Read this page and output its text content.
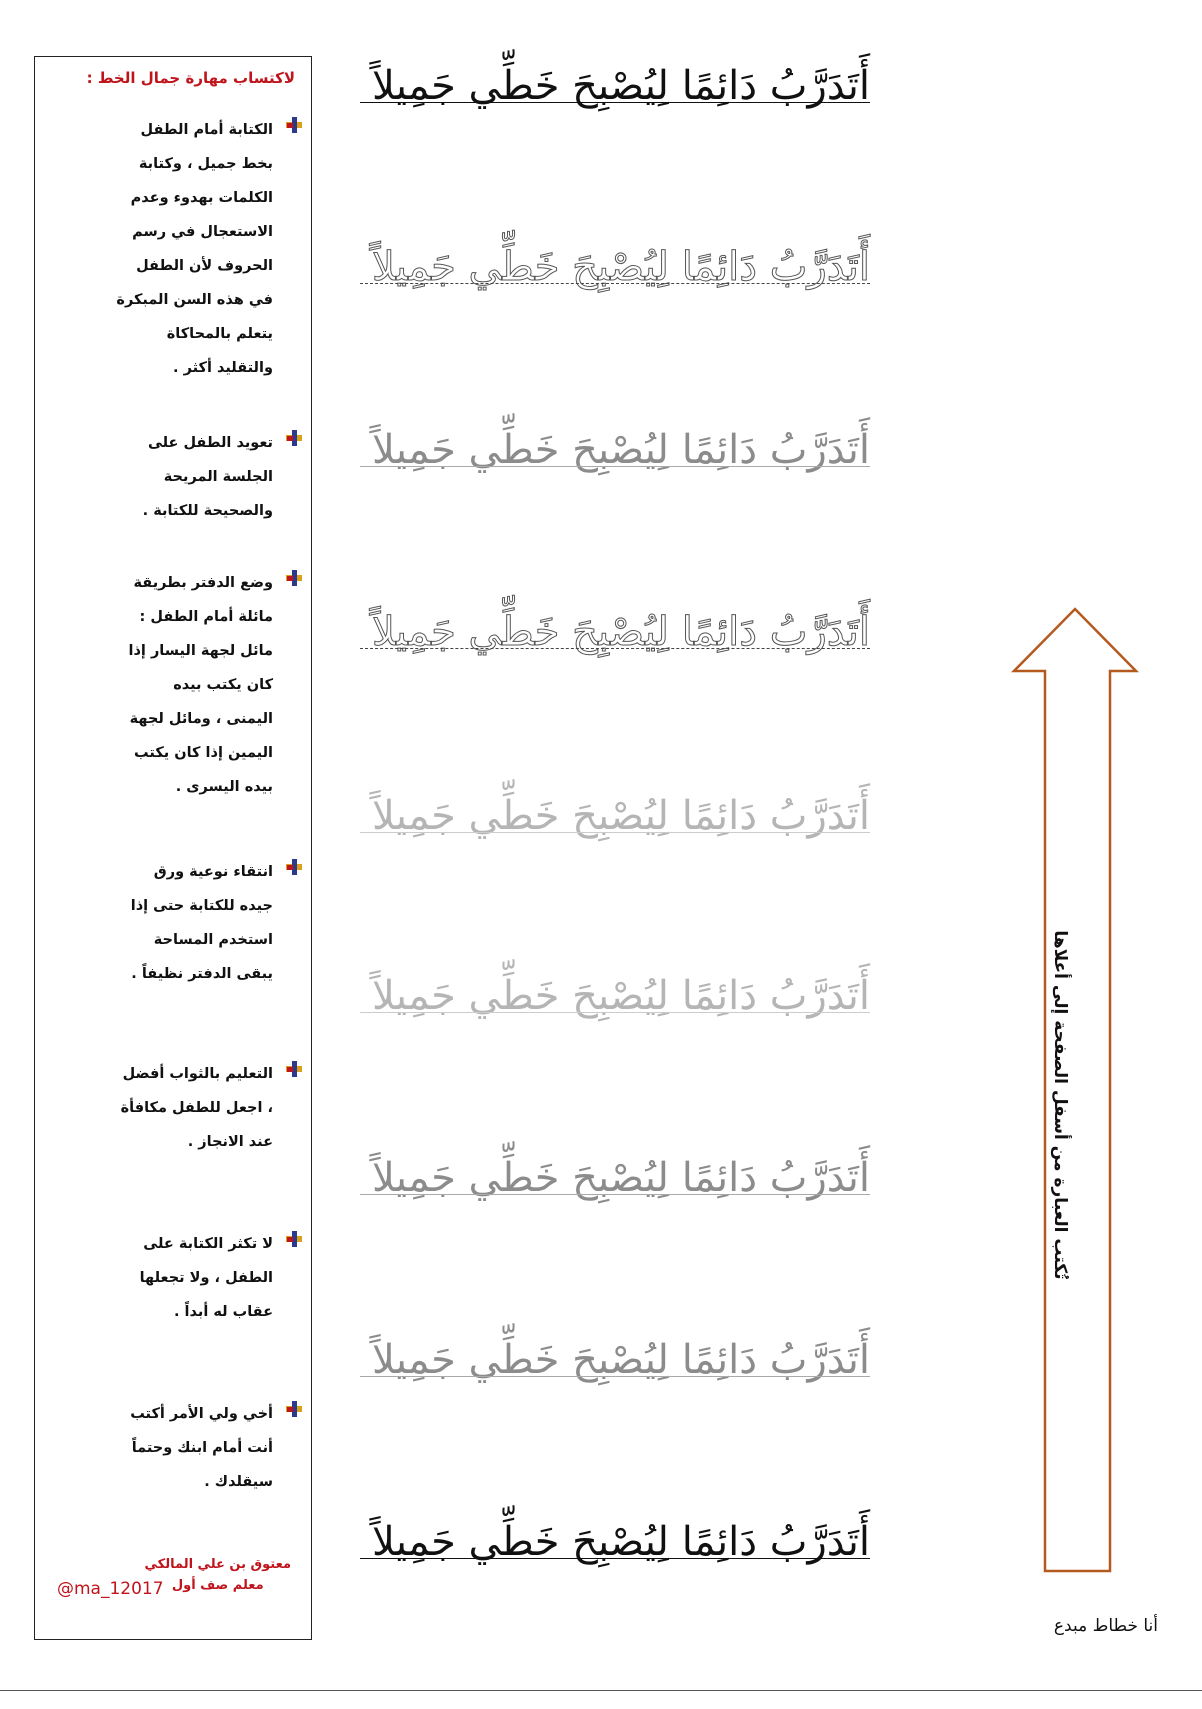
لاكتساب مهارة جمال الخط :
الكتابة أمام الطفل
بخط جميل ، وكتابة
الكلمات بهدوء وعدم
الاستعجال في رسم
الحروف لأن الطفل
في هذه السن المبكرة
يتعلم بالمحاكاة
والتقليد أكثر .
تعويد الطفل على
الجلسة المريحة
والصحيحة للكتابة .
وضع الدفتر بطريقة
مائلة أمام الطفل :
مائل لجهة اليسار إذا
كان يكتب بيده
اليمنى ، ومائل لجهة
اليمين إذا كان يكتب
بيده اليسرى .
انتقاء نوعية ورق
جيده للكتابة حتى إذا
استخدم المساحة
يبقى الدفتر نظيفاً .
التعليم بالثواب أفضل
، اجعل للطفل مكافأة
عند الانجاز .
لا تكثر الكتابة على
الطفل ، ولا تجعلها
عقاب له أبداً .
أخي ولي الأمر أكتب
أنت أمام ابنك وحتماً
سيقلدك .
معتوق بن علي المالكي
معلم صف أول
@ma_12017
أَتَدَرَّبُ دَائِمًا لِيُصْبِحَ خَطِّي جَمِيلاً
أَتَدَرَّبُ دَائِمًا لِيُصْبِحَ خَطِّي جَمِيلاً
أَتَدَرَّبُ دَائِمًا لِيُصْبِحَ خَطِّي جَمِيلاً
أَتَدَرَّبُ دَائِمًا لِيُصْبِحَ خَطِّي جَمِيلاً
أَتَدَرَّبُ دَائِمًا لِيُصْبِحَ خَطِّي جَمِيلاً
أَتَدَرَّبُ دَائِمًا لِيُصْبِحَ خَطِّي جَمِيلاً
أَتَدَرَّبُ دَائِمًا لِيُصْبِحَ خَطِّي جَمِيلاً
أَتَدَرَّبُ دَائِمًا لِيُصْبِحَ خَطِّي جَمِيلاً
أَتَدَرَّبُ دَائِمًا لِيُصْبِحَ خَطِّي جَمِيلاً
تُكتب العبارة من أسفل الصفحة إلى أعلاها
أنا خطاط مبدع
